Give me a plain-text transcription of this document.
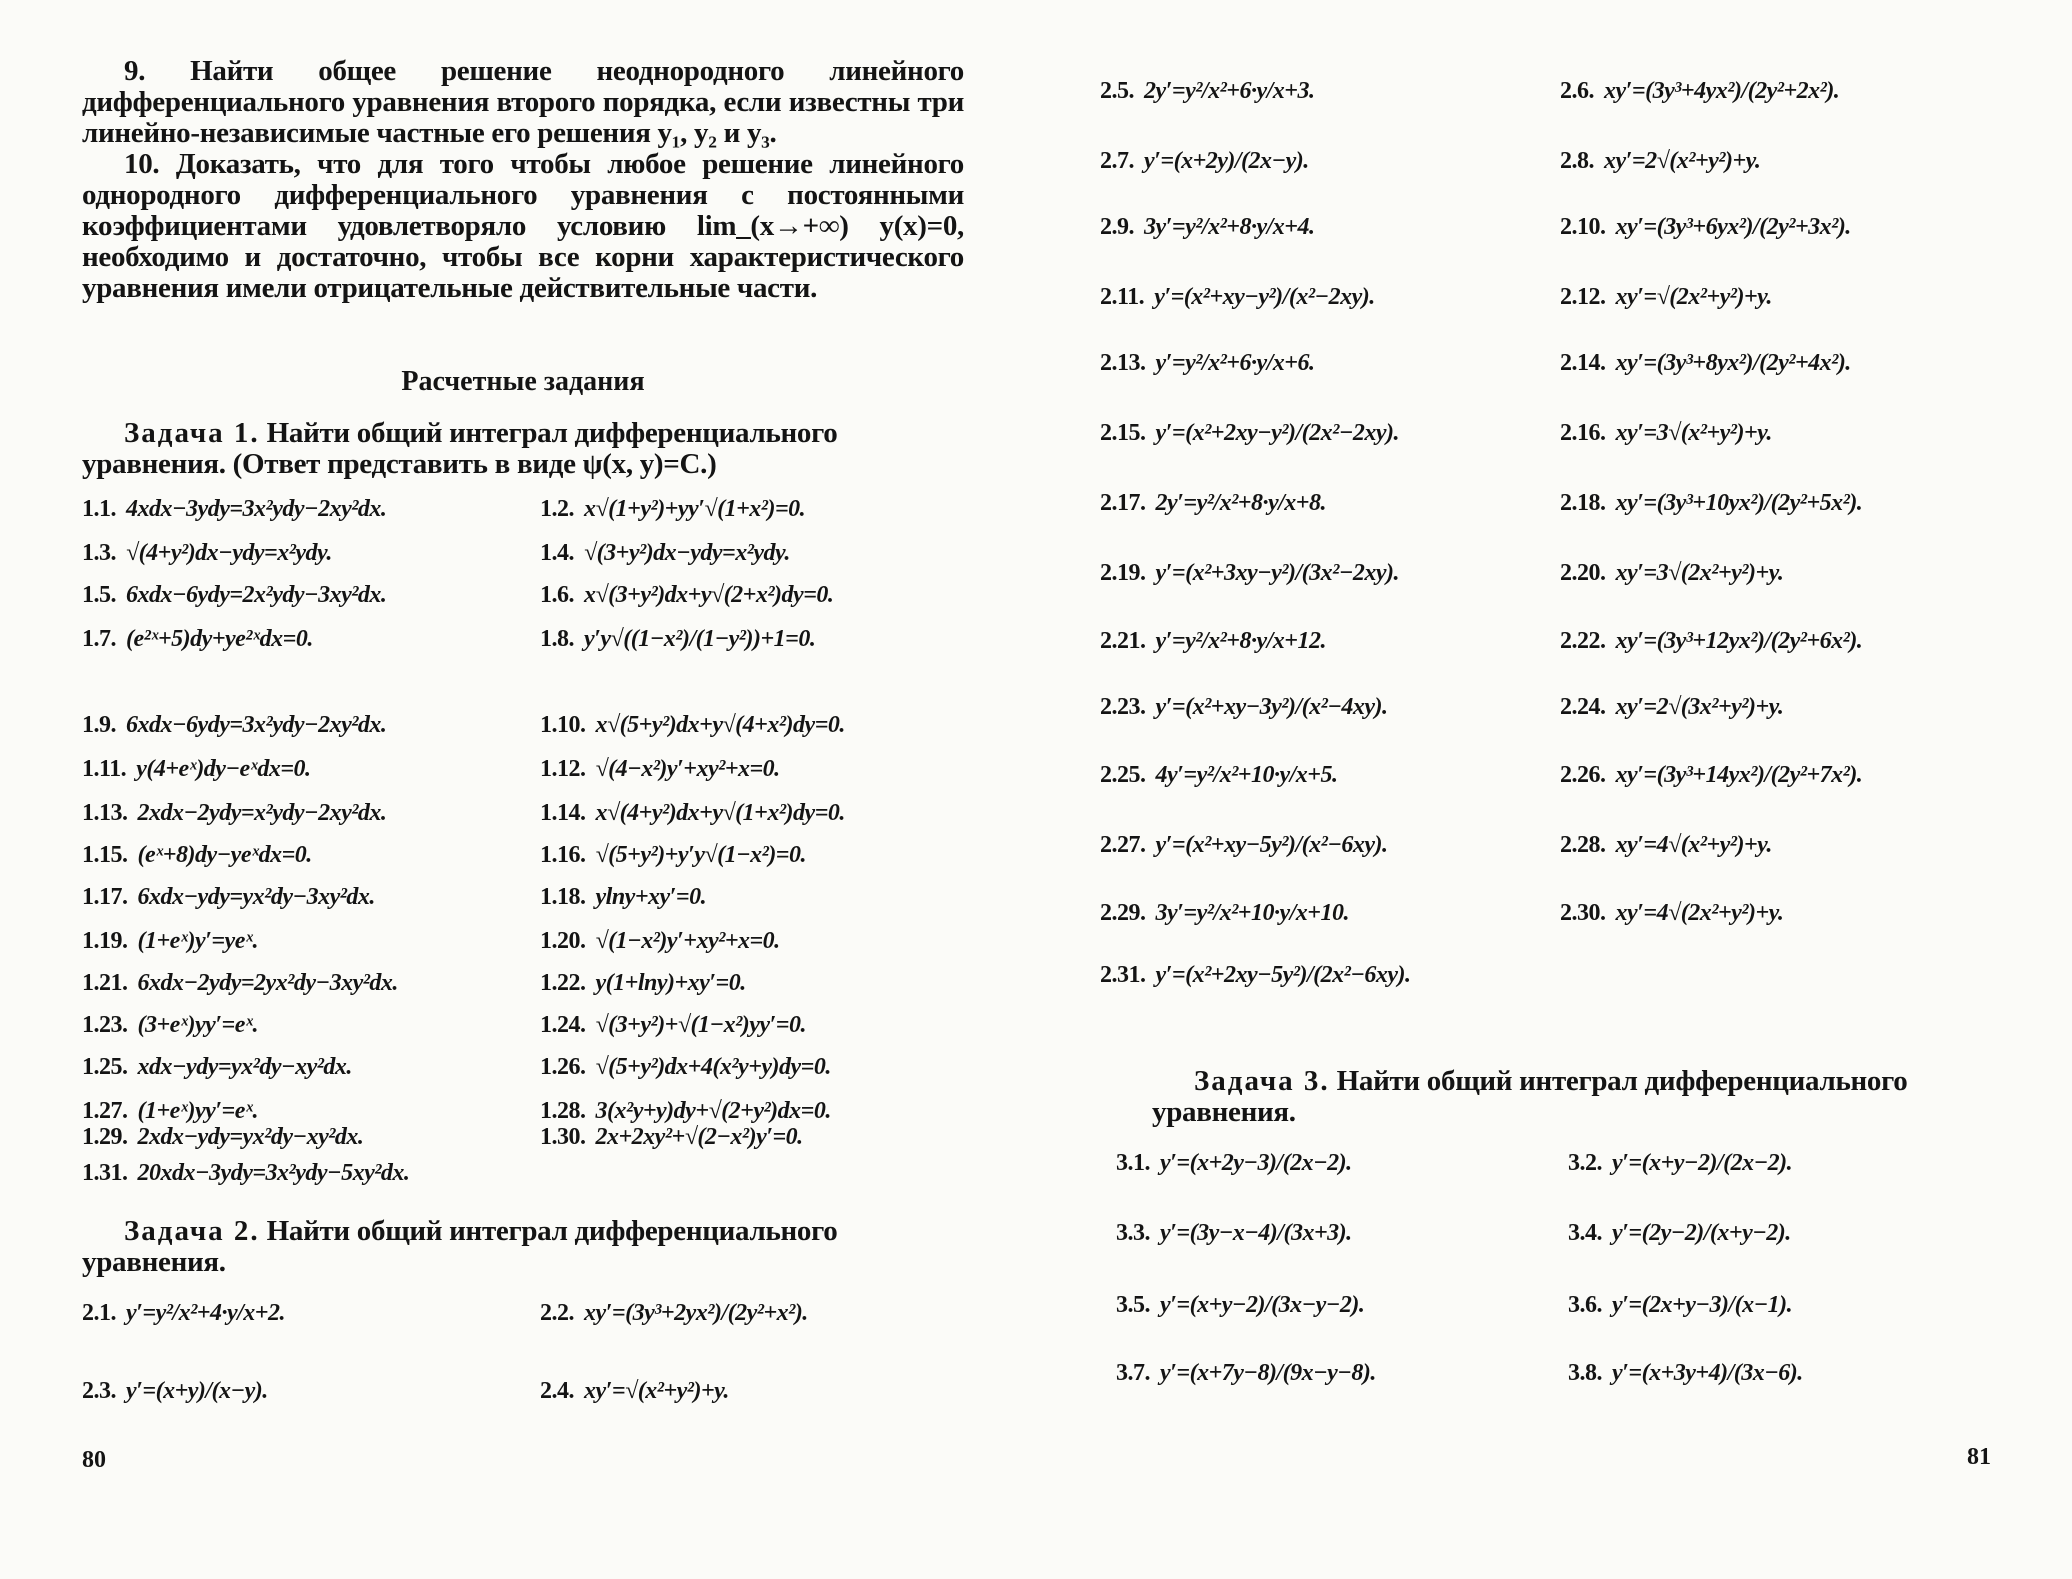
9. Найти общее решение неоднородного линейного дифференциального уравнения второго порядка, если известны три линейно-независимые частные его решения y₁, y₂ и y₃.

10. Доказать, что для того чтобы любое решение линейного однородного дифференциального уравнения с постоянными коэффициентами удовлетворяло условию lim_(x→+∞) y(x)=0, необходимо и достаточно, чтобы все корни характеристического уравнения имели отрицательные действительные части.

Расчетные задания
Задача 1. Найти общий интеграл дифференциального уравнения. (Ответ представить в виде ψ(x, y)=C.)
1.1. 4xdx−3ydy=3x²ydy−2xy²dx.	1.2. x√(1+y²)+yy′√(1+x²)=0.
1.3. √(4+y²)dx−ydy=x²ydy.	1.4. √(3+y²)dx−ydy=x²ydy.
1.5. 6xdx−6ydy=2x²ydy−3xy²dx.	1.6. x√(3+y²)dx+y√(2+x²)dy=0.
1.7. (e²ˣ+5)dy+ye²ˣdx=0.	1.8. y′y√((1−x²)/(1−y²))+1=0.
1.9. 6xdx−6ydy=3x²ydy−2xy²dx.	1.10. x√(5+y²)dx+y√(4+x²)dy=0.
1.11. y(4+eˣ)dy−eˣdx=0.	1.12. √(4−x²)y′+xy²+x=0.
1.13. 2xdx−2ydy=x²ydy−2xy²dx.	1.14. x√(4+y²)dx+y√(1+x²)dy=0.
1.15. (eˣ+8)dy−yeˣdx=0.	1.16. √(5+y²)+y′y√(1−x²)=0.
1.17. 6xdx−ydy=yx²dy−3xy²dx.	1.18. ylny+xy′=0.
1.19. (1+eˣ)y′=yeˣ.	1.20. √(1−x²)y′+xy²+x=0.
1.21. 6xdx−2ydy=2yx²dy−3xy²dx.	1.22. y(1+lny)+xy′=0.
1.23. (3+eˣ)yy′=eˣ.	1.24. √(3+y²)+√(1−x²)yy′=0.
1.25. xdx−ydy=yx²dy−xy²dx.	1.26. √(5+y²)dx+4(x²y+y)dy=0.
1.27. (1+eˣ)yy′=eˣ.	1.28. 3(x²y+y)dy+√(2+y²)dx=0.
1.29. 2xdx−ydy=yx²dy−xy²dx.	1.30. 2x+2xy²+√(2−x²)y′=0.
1.31. 20xdx−3ydy=3x²ydy−5xy²dx.
Задача 2. Найти общий интеграл дифференциального уравнения.
2.1. y′=y²/x²+4·y/x+2.	2.2. xy′=(3y³+2yx²)/(2y²+x²).
2.3. y′=(x+y)/(x−y).	2.4. xy′=√(x²+y²)+y.
80
2.5. 2y′=y²/x²+6·y/x+3.	2.6. xy′=(3y³+4yx²)/(2y²+2x²).
2.7. y′=(x+2y)/(2x−y).	2.8. xy′=2√(x²+y²)+y.
2.9. 3y′=y²/x²+8·y/x+4.	2.10. xy′=(3y³+6yx²)/(2y²+3x²).
2.11. y′=(x²+xy−y²)/(x²−2xy).	2.12. xy′=√(2x²+y²)+y.
2.13. y′=y²/x²+6·y/x+6.	2.14. xy′=(3y³+8yx²)/(2y²+4x²).
2.15. y′=(x²+2xy−y²)/(2x²−2xy).	2.16. xy′=3√(x²+y²)+y.
2.17. 2y′=y²/x²+8·y/x+8.	2.18. xy′=(3y³+10yx²)/(2y²+5x²).
2.19. y′=(x²+3xy−y²)/(3x²−2xy).	2.20. xy′=3√(2x²+y²)+y.
2.21. y′=y²/x²+8·y/x+12.	2.22. xy′=(3y³+12yx²)/(2y²+6x²).
2.23. y′=(x²+xy−3y²)/(x²−4xy).	2.24. xy′=2√(3x²+y²)+y.
2.25. 4y′=y²/x²+10·y/x+5.	2.26. xy′=(3y³+14yx²)/(2y²+7x²).
2.27. y′=(x²+xy−5y²)/(x²−6xy).	2.28. xy′=4√(x²+y²)+y.
2.29. 3y′=y²/x²+10·y/x+10.	2.30. xy′=4√(2x²+y²)+y.
2.31. y′=(x²+2xy−5y²)/(2x²−6xy).
Задача 3. Найти общий интеграл дифференциального уравнения.
3.1. y′=(x+2y−3)/(2x−2).	3.2. y′=(x+y−2)/(2x−2).
3.3. y′=(3y−x−4)/(3x+3).	3.4. y′=(2y−2)/(x+y−2).
3.5. y′=(x+y−2)/(3x−y−2).	3.6. y′=(2x+y−3)/(x−1).
3.7. y′=(x+7y−8)/(9x−y−8).	3.8. y′=(x+3y+4)/(3x−6).
81
